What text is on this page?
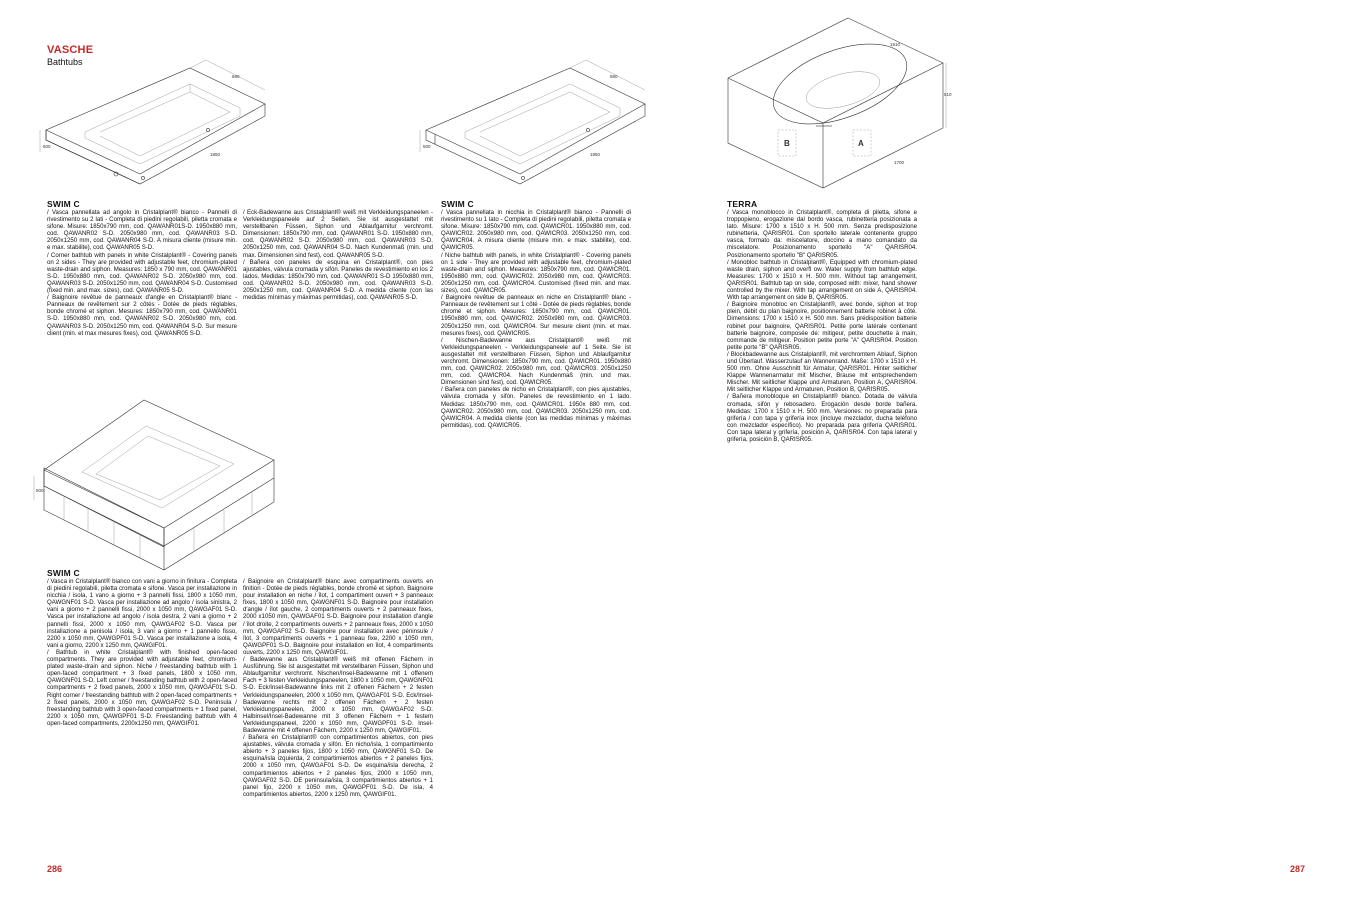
VASCHE
Bathtubs
680
500
1850
880
500
1850
B	A
1510
510
1700
500
SWIM C
/ Vasca pannellata ad angolo in Cristalplant® bianco - Pannelli di rivestimento su 2 lati - Completa di piedini regolabili, piletta cromata e sifone. Misure: 1850x790 mm, cod. QAWANR01S-D. 1950x880 mm, cod. QAWANR02 S-D. 2050x980 mm, cod. QAWANR03 S-D. 2050x1250 mm, cod. QAWANR04 S-D. A misura cliente (misure min. e max. stabilite), cod. QAWANR05 S-D.
/ Corner bathtub with panels in white Cristalplant® - Covering panels on 2 sides - They are provided with adjustable feet, chromium-plated waste-drain and siphon. Measures: 1850 x 790 mm, cod. QAWANR01 S-D. 1950x880 mm, cod. QAWANR02 S-D. 2050x980 mm, cod. QAWANR03 S-D. 2050x1250 mm, cod. QAWANR04 S-D. Customised (fixed min. and max. sizes), cod. QAWANR05 S-D.
/ Baignoire revêtue de panneaux d'angle en Cristalplant® blanc - Panneaux de revêtement sur 2 côtés - Dotée de pieds réglables, bonde chromé et siphon. Mesures: 1850x790 mm, cod. QAWANR01 S-D. 1950x880 mm, cod. QAWANR02 S-D. 2050x980 mm, cod. QAWANR03 S-D. 2050x1250 mm, cod. QAWANR04 S-D. Sur mesure client (min. et max mesures fixes), cod. QAWANR05 S-D.
/ Eck-Badewanne aus Cristalplant® weiß mit Verkleidungspaneelen - Verkleidungspaneele auf 2 Seiten. Sie ist ausgestattet mit verstellbaren Füssen, Siphon und Ablaufgarnitur verchromt. Dimensionen: 1850x790 mm, cod. QAWANR01 S-D. 1950x880 mm, cod. QAWANR02 S-D. 2050x980 mm, cod. QAWANR03 S-D. 2050x1250 mm, cod. QAWANR04 S-D. Nach Kundenmaß (min. und max. Dimensionen sind fest), cod. QAWANR05 S-D.
/ Bañera con paneles de esquina en Cristalplant®, con pies ajustables, válvula cromada y sifón. Paneles de revestimiento en los 2 lados. Medidas: 1850x790 mm, cod. QAWANR01 S-D 1950x880 mm, cod. QAWANR02 S-D. 2050x980 mm, cod. QAWANR03 S-D. 2050x1250 mm, cod. QAWANR04 S-D. A medida cliente (con las medidas mínimas y máximas permitidas), cod. QAWANR05 S-D.
SWIM C
/ Vasca pannellata in nicchia in Cristalplant® bianco - Pannelli di rivestimento su 1 lato - Completa di piedini regolabili, piletta cromata e sifone. Misure: 1850x790 mm, cod. QAWICR01. 1950x880 mm, cod. QAWICR02. 2050x980 mm, cod. QAWICR03. 2050x1250 mm, cod. QAWICR04. A misura cliente (misure min. e max. stabilite), cod. QAWICR05.
/ Niche bathtub with panels, in white Cristalplant® - Covering panels on 1 side - They are provided with adjustable feet, chromium-plated waste-drain and siphon. Measures: 1850x790 mm, cod. QAWICR01. 1950x880 mm, cod. QAWICR02. 2050x980 mm, cod. QAWICR03. 2050x1250 mm, cod. QAWICR04. Customised (fixed min. and max. sizes), cod. QAWICR05.
/ Baignoire revêtue de panneaux en niche en Cristalplant® blanc - Panneaux de revêtement sur 1 côté - Dotée de pieds réglables, bonde chromé et siphon. Mesures: 1850x790 mm, cod. QAWICR01. 1950x880 mm, cod. QAWICR02. 2050x980 mm, cod. QAWICR03. 2050x1250 mm, cod. QAWICR04. Sur mesure client (min. et max. mesures fixes), cod. QAWICR05.
/ Nischen-Badewanne aus Cristalplant® weiß mit Verkleidungspaneelen - Verkleidungspaneele auf 1 Seite. Sie ist ausgestattet mit verstellbaren Füssen, Siphon und Ablaufgarnitur verchromt. Dimensionen: 1850x790 mm, cod. QAWICR01. 1950x880 mm, cod. QAWICR02. 2050x980 mm, cod. QAWICR03. 2050x1250 mm, cod. QAWICR04. Nach Kundenmaß (min. und max. Dimensionen sind fest), cod. QAWICR05.
/ Bañera con paneles de nicho en Cristalplant®, con pies ajustables, válvula cromada y sifón. Paneles de revestimiento en 1 lado. Medidas: 1850x790 mm, cod. QAWICR01. 1950x 880 mm, cod. QAWICR02. 2050x980 mm, cod. QAWICR03. 2050x1250 mm, cod. QAWICR04. A medida cliente (con las medidas mínimas y máximas permitidas), cod. QAWICR05.
TERRA
/ Vasca monoblocco in Cristalplant®, completa di piletta, sifone e troppopieno, erogazione dal bordo vasca, rubinetteria posizionata a lato. Misure: 1700 x 1510 x H. 500 mm. Senza predisposizione rubinetteria, QARISR01. Con sportello laterale contenente gruppo vasca, formato da: miscelatore, doccino a mano comandato da miscelatore. Posizionamento sportello "A" QARISR04. Posizionamento sportello "B" QARISR05.
/ Monobloc bathtub in Cristalplant®, Equipped with chromium-plated waste drain, siphon and overfl ow. Water supply from bathtub edge. Measures: 1700 x 1510 x H. 500 mm. Without tap arrangement, QARISR01. Bathtub tap on side, composed with: mixer, hand shower controlled by the mixer. With tap arrangement on side A, QARISR04. With tap arrangement on side B, QARISR05.
/ Baignoire monobloc en Cristalplant®, avec bonde, siphon et trop plein, débit du plan baignoire, positionnement batterie robinet à côté. Dimensions: 1700 x 1510 x H. 500 mm. Sans prédisposition batterie robinet pour baignoire, QARISR01. Petite porte latérale contenant batterie baignoire, composée de: mitigeur, petite douchette à main, commande de mitigeur. Position petite porte "A" QARISR04. Position petite porte "B" QARISR05.
/ Blockbadewanne aus Cristalplant®, mit verchromtem Ablauf, Siphon und Überlauf. Wasserzulauf an Wannenrand. Maße: 1700 x 1510 x H. 500 mm. Ohne Ausschnitt für Armatur, QARISR01. Hinter seitlicher Klappe Wannenarmatur mit Mischer, Brause mit entsprechendem Mischer. Mit seitlicher Klappe und Armaturen, Position A, QARISR04. Mit seitlicher Klappe und Armaturen, Position B, QARISR05.
/ Bañera monobloque en Cristalplant® bianco. Dotada de válvula cromada, sifón y rebosadero. Erogación desde borde bañera. Medidas: 1700 x 1510 x H. 500 mm. Versiones: no preparada para grifería / con tapa y grifería inox (incluye mezclador, ducha teléfono con mezclador específico). No preparada para grifería QARISR01. Con tapa lateral y grifería, posición A, QARISR04. Con tapa lateral y grifería, posición B, QARISR05.
SWIM C
/ Vasca in Cristalplant® bianco con vani a giorno in finitura - Completa di piedini regolabili, piletta cromata e sifone. Vasca per installazione in nicchia / isola, 1 vano a giorno + 3 pannelli fissi, 1800 x 1050 mm, QAWGNF01 S-D. Vasca per installazione ad angolo / isola sinistra, 2 vani a giorno + 2 pannelli fissi, 2000 x 1050 mm, QAWGAF01 S-D. Vasca per installazione ad angolo / isola destra, 2 vani a giorno + 2 pannelli fissi, 2000 x 1050 mm, QAWGAF02 S-D. Vasca per installazione a penisola / isola, 3 vani a giorno + 1 pannello fisso, 2200 x 1050 mm, QAWGPF01 S-D. Vasca per installazione a isola, 4 vani a giorno, 2200 x 1250 mm, QAWGIF01.
/ Bathtub in white Cristalplant® with finished open-faced compartments. They are provided with adjustable feet, chromium-plated waste-drain and siphon. Niche / freestanding bathtub with 1 open-faced compartment + 3 fixed panels, 1800 x 1050 mm, QAWGNF01 S-D. Left corner / freestanding bathtub with 2 open-faced compartments + 2 fixed panels, 2000 x 1050 mm, QAWGAF01 S-D. Right corner / freestanding bathtub with 2 open-faced compartments + 2 fixed panels, 2000 x 1050 mm, QAWGAF02 S-D. Peninsula / freestanding bathtub with 3 open-faced compartments + 1 fixed panel, 2200 x 1050 mm, QAWGPF01 S-D. Freestanding bathtub with 4 open-faced compartments, 2200x1250 mm, QAWGIF01.
/ Baignoire en Cristalplant® blanc avec compartiments ouverts en finition - Dotée de pieds réglables, bonde chromé et siphon. Baignoire pour installation en niche / îlot, 1 compartiment ouvert + 3 panneaux fixes, 1800 x 1050 mm, QAWGNF01 S-D. Baignoire pour installation d'angle / îlot gauche, 2 compartiments ouverts + 2 panneaux fixes, 2000 x1050 mm, QAWGAF01 S-D. Baignoire pour installation d'angle / îlot droite, 2 compartiments ouverts + 2 panneaux fixes, 2000 x 1050 mm, QAWGAF02 S-D. Baignoire pour installation avec péninsule / îlot, 3 compartiments ouverts + 1 panneau fixe, 2200 x 1050 mm, QAWGPF01 S-D. Baignoire pour installation en îlot, 4 compartiments ouverts, 2200 x 1250 mm, QAWGIF01.
/ Badewanne aus Cristalplant® weiß mit offenen Fächern in Ausführung. Sie ist ausgestattet mit verstellbaren Füssen, Siphon und Ablaufgarnitur verchromt. Nischen/Insel-Badewanne mit 1 offenem Fach + 3 festen Verkleidungspaneelen, 1800 x 1050 mm, QAWGNF01 S-D. Eck/Insel-Badewanne links mit 2 offenen Fächern + 2 festen Verkleidungspaneelen, 2000 x 1050 mm, QAWGAF01 S-D. Eck/Insel-Badewanne rechts mit 2 offenen Fächern + 2 festen Verkleidungspaneelen, 2000 x 1050 mm, QAWGAF02 S-D. Halbinsel/Insel-Badewanne mit 3 offenen Fächern + 1 festem Verkleidungspaneel, 2200 x 1050 mm, QAWGPF01 S-D. Insel-Badewanne mit 4 offenen Fächern, 2200 x 1250 mm, QAWGIF01.
/ Bañera en Cristalplant® con compartimientos abiertos, con pies ajustables, válvula cromada y sifón. En nicho/isla, 1 compartimiento abierto + 3 paneles fijos, 1800 x 1050 mm, QAWGNF01 S-D. De esquina/isla izquierda, 2 compartimientos abiertos + 2 paneles fijos, 2000 x 1050 mm, QAWGAF01 S-D. De esquina/isla derecha, 2 compartimientos abiertos + 2 paneles fijos, 2000 x 1050 mm, QAWGAF02 S-D. DE peninsula/isla, 3 compartimientos abiertos + 1 panel fijo, 2200 x 1050 mm, QAWGPF01 S-D. De isla, 4 compartimientos abiertos, 2200 x 1250 mm, QAWGIF01.
286	287
